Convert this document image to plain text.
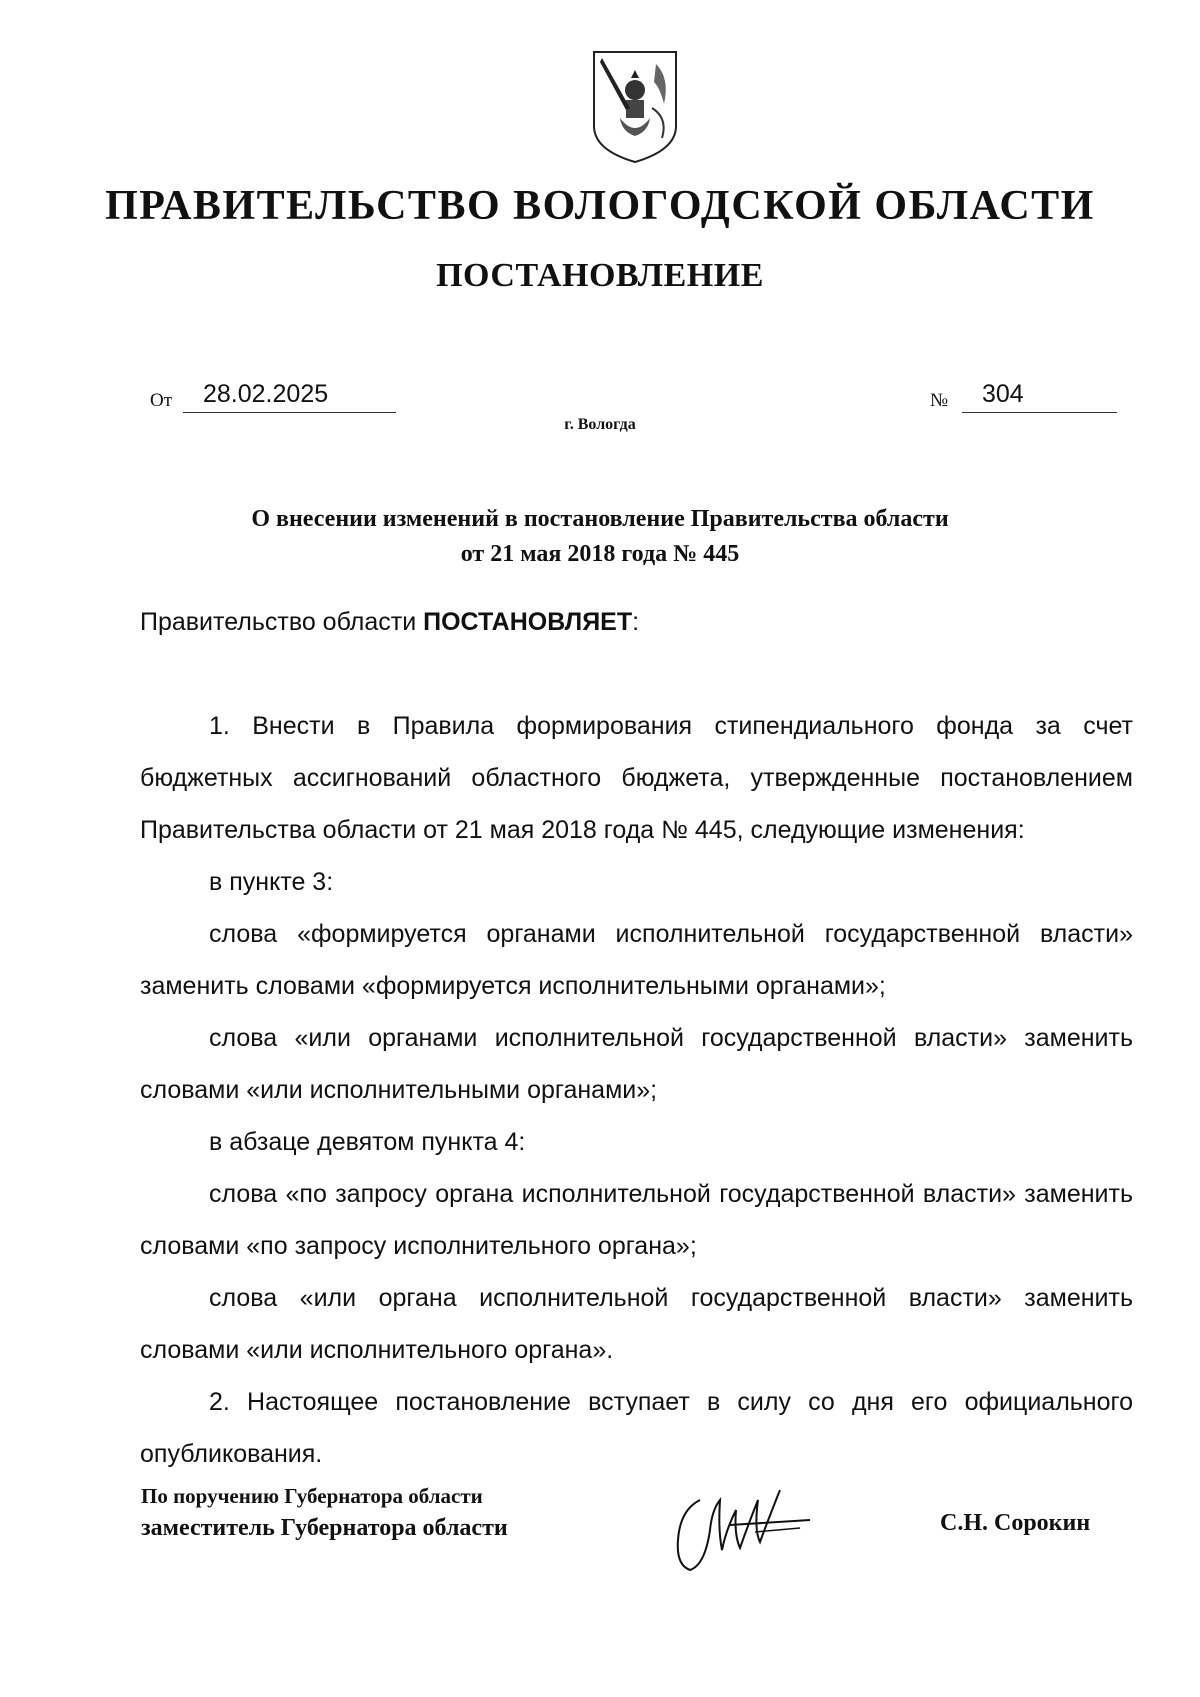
ПРАВИТЕЛЬСТВО ВОЛОГОДСКОЙ ОБЛАСТИ
ПОСТАНОВЛЕНИЕ
От 28.02.2025	№ 304
г. Вологда
О внесении изменений в постановление Правительства области
от 21 мая 2018 года № 445
Правительство области ПОСТАНОВЛЯЕТ:

1. Внести в Правила формирования стипендиального фонда за счет бюджетных ассигнований областного бюджета, утвержденные постановлением Правительства области от 21 мая 2018 года № 445, следующие изменения:

в пункте 3:

слова «формируется органами исполнительной государственной власти» заменить словами «формируется исполнительными органами»;

слова «или органами исполнительной государственной власти» заменить словами «или исполнительными органами»;

в абзаце девятом пункта 4:

слова «по запросу органа исполнительной государственной власти» заменить словами «по запросу исполнительного органа»;

слова «или органа исполнительной государственной власти» заменить словами «или исполнительного органа».

2. Настоящее постановление вступает в силу со дня его официального опубликования.

По поручению Губернатора области
заместитель Губернатора области	С.Н. Сорокин
